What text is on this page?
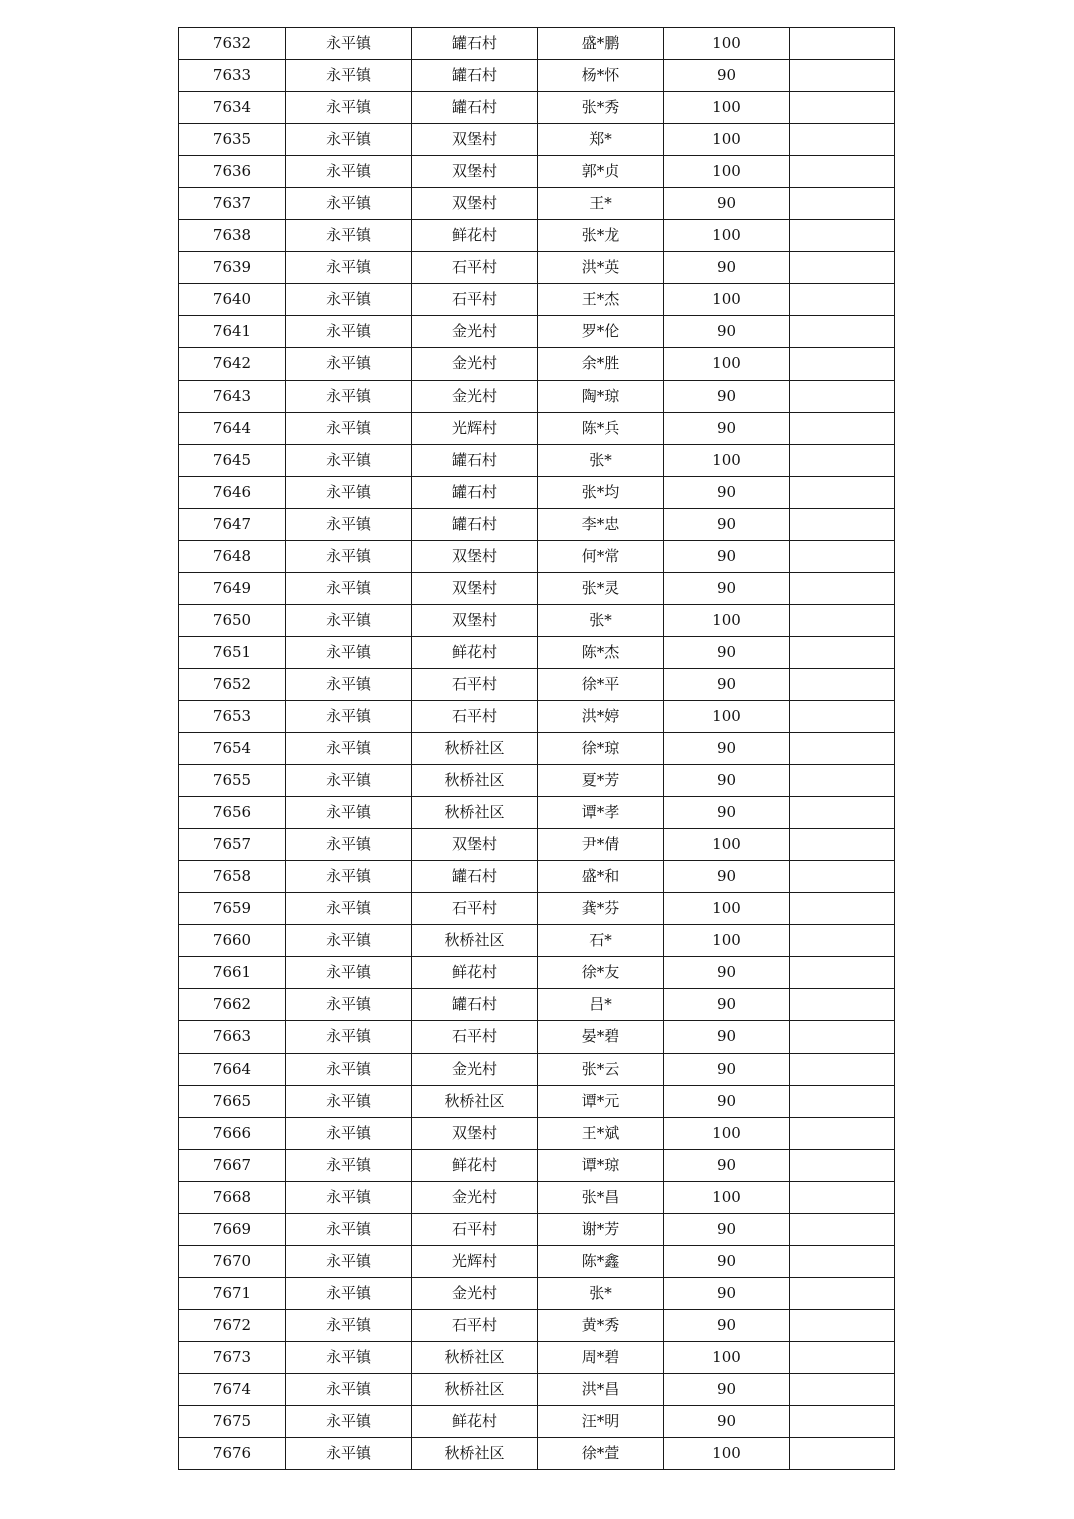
7632	永平镇	罐石村	盛*鹏	100	
7633	永平镇	罐石村	杨*怀	90	
7634	永平镇	罐石村	张*秀	100	
7635	永平镇	双堡村	郑*	100	
7636	永平镇	双堡村	郭*贞	100	
7637	永平镇	双堡村	王*	90	
7638	永平镇	鲜花村	张*龙	100	
7639	永平镇	石平村	洪*英	90	
7640	永平镇	石平村	王*杰	100	
7641	永平镇	金光村	罗*伦	90	
7642	永平镇	金光村	余*胜	100	
7643	永平镇	金光村	陶*琼	90	
7644	永平镇	光辉村	陈*兵	90	
7645	永平镇	罐石村	张*	100	
7646	永平镇	罐石村	张*均	90	
7647	永平镇	罐石村	李*忠	90	
7648	永平镇	双堡村	何*常	90	
7649	永平镇	双堡村	张*灵	90	
7650	永平镇	双堡村	张*	100	
7651	永平镇	鲜花村	陈*杰	90	
7652	永平镇	石平村	徐*平	90	
7653	永平镇	石平村	洪*婷	100	
7654	永平镇	秋桥社区	徐*琼	90	
7655	永平镇	秋桥社区	夏*芳	90	
7656	永平镇	秋桥社区	谭*孝	90	
7657	永平镇	双堡村	尹*倩	100	
7658	永平镇	罐石村	盛*和	90	
7659	永平镇	石平村	龚*芬	100	
7660	永平镇	秋桥社区	石*	100	
7661	永平镇	鲜花村	徐*友	90	
7662	永平镇	罐石村	吕*	90	
7663	永平镇	石平村	晏*碧	90	
7664	永平镇	金光村	张*云	90	
7665	永平镇	秋桥社区	谭*元	90	
7666	永平镇	双堡村	王*斌	100	
7667	永平镇	鲜花村	谭*琼	90	
7668	永平镇	金光村	张*昌	100	
7669	永平镇	石平村	谢*芳	90	
7670	永平镇	光辉村	陈*鑫	90	
7671	永平镇	金光村	张*	90	
7672	永平镇	石平村	黄*秀	90	
7673	永平镇	秋桥社区	周*碧	100	
7674	永平镇	秋桥社区	洪*昌	90	
7675	永平镇	鲜花村	汪*明	90	
7676	永平镇	秋桥社区	徐*萱	100	
